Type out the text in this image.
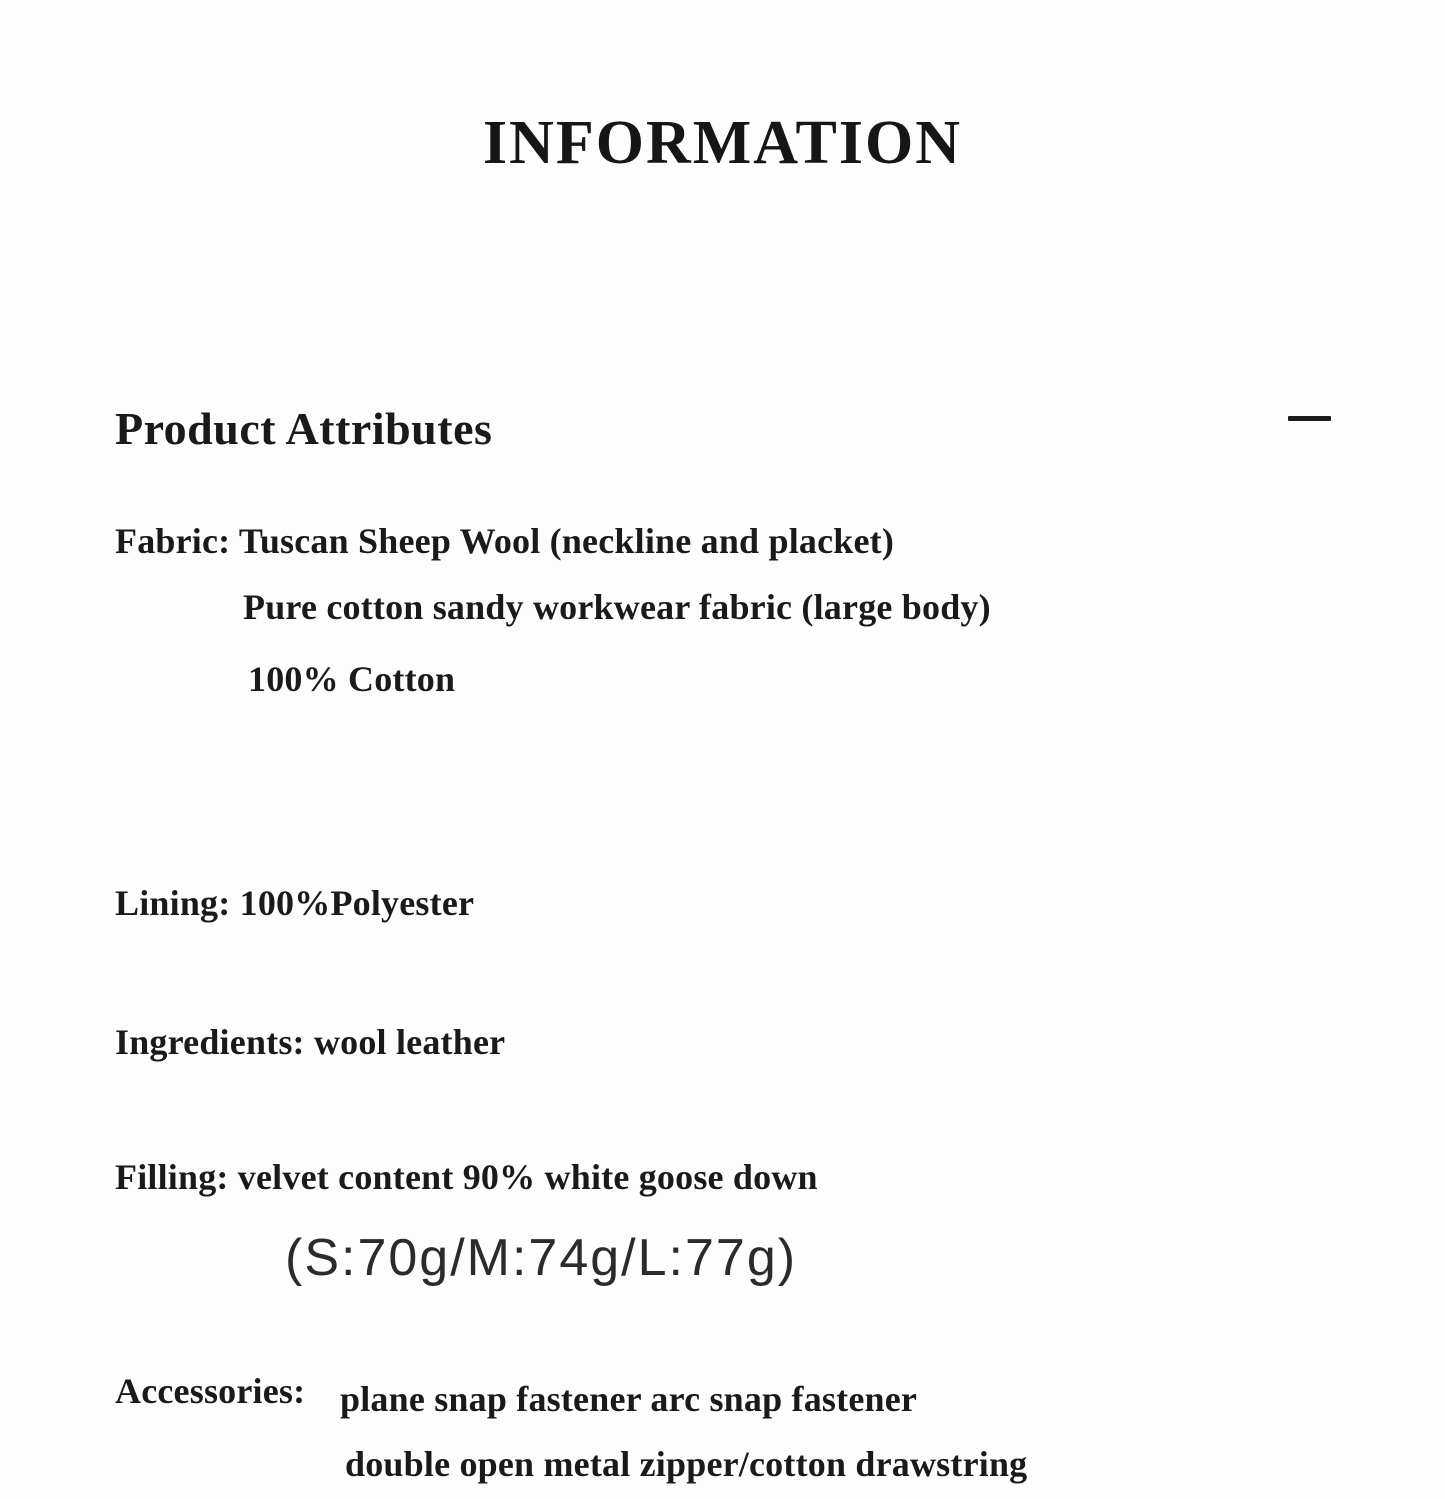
INFORMATION
Product Attributes

Fabric: Tuscan Sheep Wool (neckline and placket)

Pure cotton sandy workwear fabric (large body)

100% Cotton

Lining: 100%Polyester

Ingredients: wool leather

Filling: velvet content 90% white goose down

(S:70g/M:74g/L:77g)

Accessories: plane snap fastener arc snap fastener

double open metal zipper/cotton drawstring
